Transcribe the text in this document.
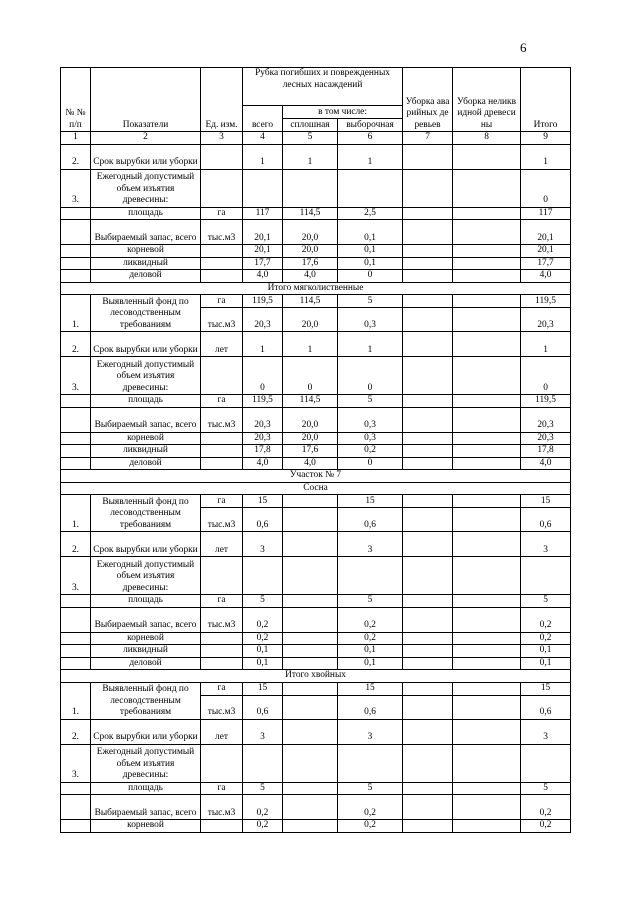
6
№ № п/п	Показатели	Ед. изм.	Рубка погибших и поврежденных лесных насаждений			Уборка аварийных деревьев	Уборка неликвидной древесины	Итого
			всего	в том числе:				
				сплошная	выборочная			
1	2	3	4	5	6	7	8	9
2.	Срок вырубки или уборки		1	1	1			1
3.	Ежегодный допустимый объем изъятия древесины:							0
	площадь	га	117	114,5	2,5			117
	Выбираемый запас, всего	тыс.м3	20,1	20,0	0,1			20,1
	корневой		20,1	20,0	0,1			20,1
	ликвидный		17,7	17,6	0,1			17,7
	деловой		4,0	4,0	0			4,0
Итого мягколиственные								
1.	Выявленный фонд по лесоводственным требованиям	га	119,5	114,5	5			119,5
		тыс.м3	20,3	20,0	0,3			20,3
2.	Срок вырубки или уборки	лет	1	1	1			1
3.	Ежегодный допустимый объем изъятия древесины:		0	0	0			0
	площадь	га	119,5	114,5	5			119,5
	Выбираемый запас, всего	тыс.м3	20,3	20,0	0,3			20,3
	корневой		20,3	20,0	0,3			20,3
	ликвидный		17,8	17,6	0,2			17,8
	деловой		4,0	4,0	0			4,0
Участок № 7								
Сосна								
1.	Выявленный фонд по лесоводственным требованиям	га	15		15			15
		тыс.м3	0,6		0,6			0,6
2.	Срок вырубки или уборки	лет	3		3			3
3.	Ежегодный допустимый объем изъятия древесины:							
	площадь	га	5		5			5
	Выбираемый запас, всего	тыс.м3	0,2		0,2			0,2
	корневой		0,2		0,2			0,2
	ликвидный		0,1		0,1			0,1
	деловой		0,1		0,1			0,1
Итого хвойных								
1.	Выявленный фонд по лесоводственным требованиям	га	15		15			15
		тыс.м3	0,6		0,6			0,6
2.	Срок вырубки или уборки	лет	3		3			3
3.	Ежегодный допустимый объем изъятия древесины:							
	площадь	га	5		5			5
	Выбираемый запас, всего	тыс.м3	0,2		0,2			0,2
	корневой		0,2		0,2			0,2
